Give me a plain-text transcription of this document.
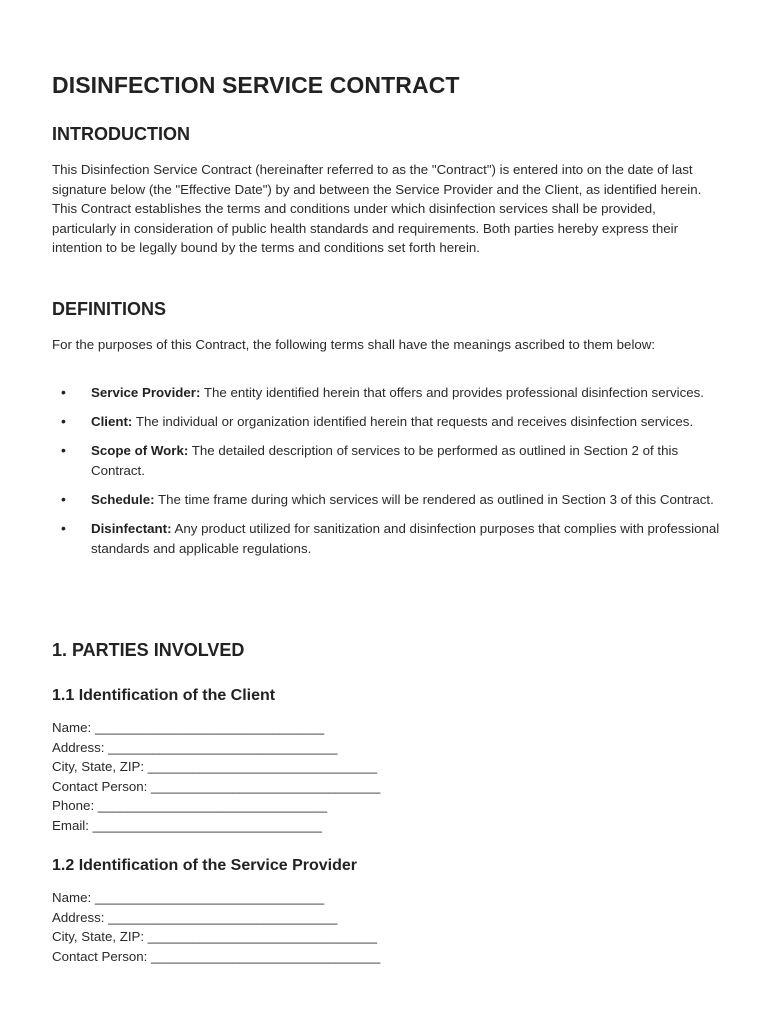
DISINFECTION SERVICE CONTRACT
INTRODUCTION

This Disinfection Service Contract (hereinafter referred to as the "Contract") is entered into on the date of last signature below (the "Effective Date") by and between the Service Provider and the Client, as identified herein. This Contract establishes the terms and conditions under which disinfection services shall be provided, particularly in consideration of public health standards and requirements. Both parties hereby express their intention to be legally bound by the terms and conditions set forth herein.

DEFINITIONS

For the purposes of this Contract, the following terms shall have the meanings ascribed to them below:

• Service Provider: The entity identified herein that offers and provides professional disinfection services.
• Client: The individual or organization identified herein that requests and receives disinfection services.
• Scope of Work: The detailed description of services to be performed as outlined in Section 2 of this Contract.
• Schedule: The time frame during which services will be rendered as outlined in Section 3 of this Contract.
• Disinfectant: Any product utilized for sanitization and disinfection purposes that complies with professional standards and applicable regulations.
1. PARTIES INVOLVED
1.1 Identification of the Client
Name: _______________________________
Address: _______________________________
City, State, ZIP: _______________________________
Contact Person: _______________________________
Phone: _______________________________
Email: _______________________________
1.2 Identification of the Service Provider
Name: _______________________________
Address: _______________________________
City, State, ZIP: _______________________________
Contact Person: _______________________________
